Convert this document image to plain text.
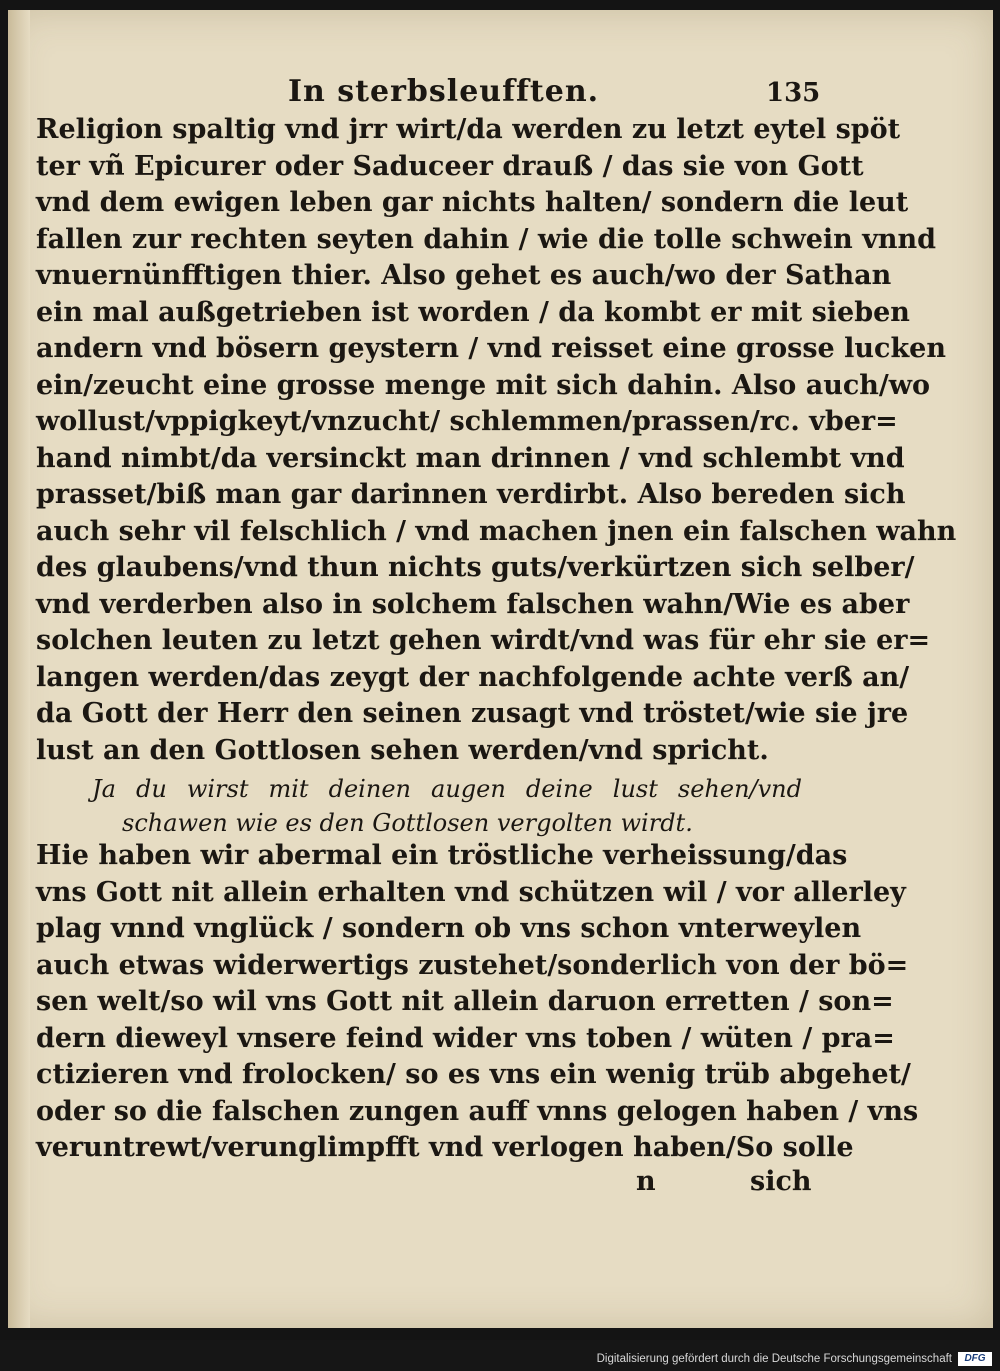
In sterbsleufften.	135
Religion spaltig vnd jrr wirt/da werden zu letzt eytel spöt
ter vñ Epicurer oder Saduceer drauß / das sie von Gott
vnd dem ewigen leben gar nichts halten/ sondern die leut
fallen zur rechten seyten dahin / wie die tolle schwein vnnd
vnuernünfftigen thier. Also gehet es auch/wo der Sathan
ein mal außgetrieben ist worden / da kombt er mit sieben
andern vnd bösern geystern / vnd reisset eine grosse lucken
ein/zeucht eine grosse menge mit sich dahin. Also auch/wo
wollust/vppigkeyt/vnzucht/ schlemmen/prassen/rc. vber=
hand nimbt/da versinckt man drinnen / vnd schlembt vnd
prasset/biß man gar darinnen verdirbt. Also bereden sich
auch sehr vil felschlich / vnd machen jnen ein falschen wahn
des glaubens/vnd thun nichts guts/verkürtzen sich selber/
vnd verderben also in solchem falschen wahn/Wie es aber
solchen leuten zu letzt gehen wirdt/vnd was für ehr sie er=
langen werden/das zeygt der nachfolgende achte verß an/
da Gott der Herr den seinen zusagt vnd tröstet/wie sie jre
lust an den Gottlosen sehen werden/vnd spricht.
Ja du wirst mit deinen augen deine lust sehen/vnd
schawen wie es den Gottlosen vergolten wirdt.
Hie haben wir abermal ein tröstliche verheissung/das
vns Gott nit allein erhalten vnd schützen wil / vor allerley
plag vnnd vnglück / sondern ob vns schon vnterweylen
auch etwas widerwertigs zustehet/sonderlich von der bö=
sen welt/so wil vns Gott nit allein daruon erretten / son=
dern dieweyl vnsere feind wider vns toben / wüten / pra=
ctizieren vnd frolocken/ so es vns ein wenig trüb abgehet/
oder so die falschen zungen auff vnns gelogen haben / vns
veruntrewt/verunglimpfft vnd verlogen haben/So solle
n	sich
Digitalisierung gefördert durch die Deutsche Forschungsgemeinschaft	DFG
